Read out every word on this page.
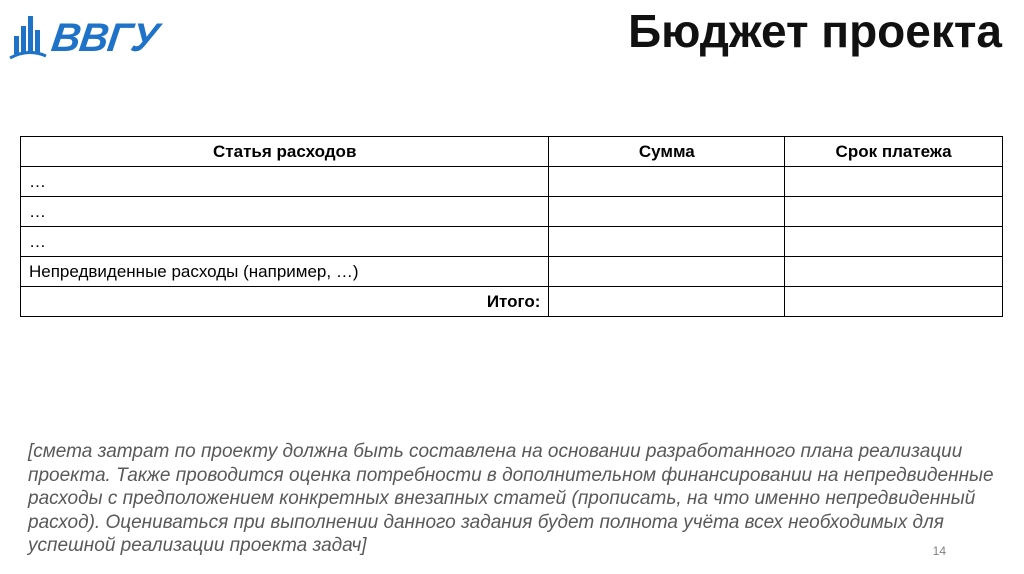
ВВГУ	Бюджет проекта
Статья расходов	Сумма	Срок платежа
…		
…		
…		
Непредвиденные расходы (например, …)		
Итого:		
[смета затрат по проекту должна быть составлена на основании разработанного плана реализации проекта. Также проводится оценка потребности в дополнительном финансировании на непредвиденные расходы с предположением конкретных внезапных статей (прописать, на что именно непредвиденный расход). Оцениваться при выполнении данного задания будет полнота учёта всех необходимых для успешной реализации проекта задач]	14
